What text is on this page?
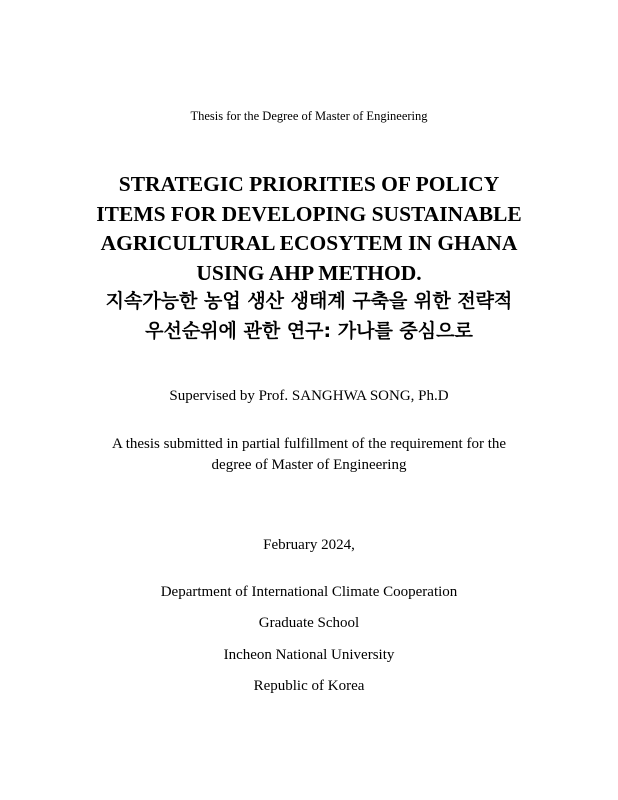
Thesis for the Degree of Master of Engineering
STRATEGIC PRIORITIES OF POLICY
ITEMS FOR DEVELOPING SUSTAINABLE
AGRICULTURAL ECOSYTEM IN GHANA
USING AHP METHOD.
지속가능한 농업 생산 생태계 구축을 위한 전략적
우선순위에 관한 연구: 가나를 중심으로
Supervised by Prof. SANGHWA SONG, Ph.D
A thesis submitted in partial fulfillment of the requirement for the
degree of Master of Engineering
February 2024,
Department of International Climate Cooperation
Graduate School
Incheon National University
Republic of Korea
